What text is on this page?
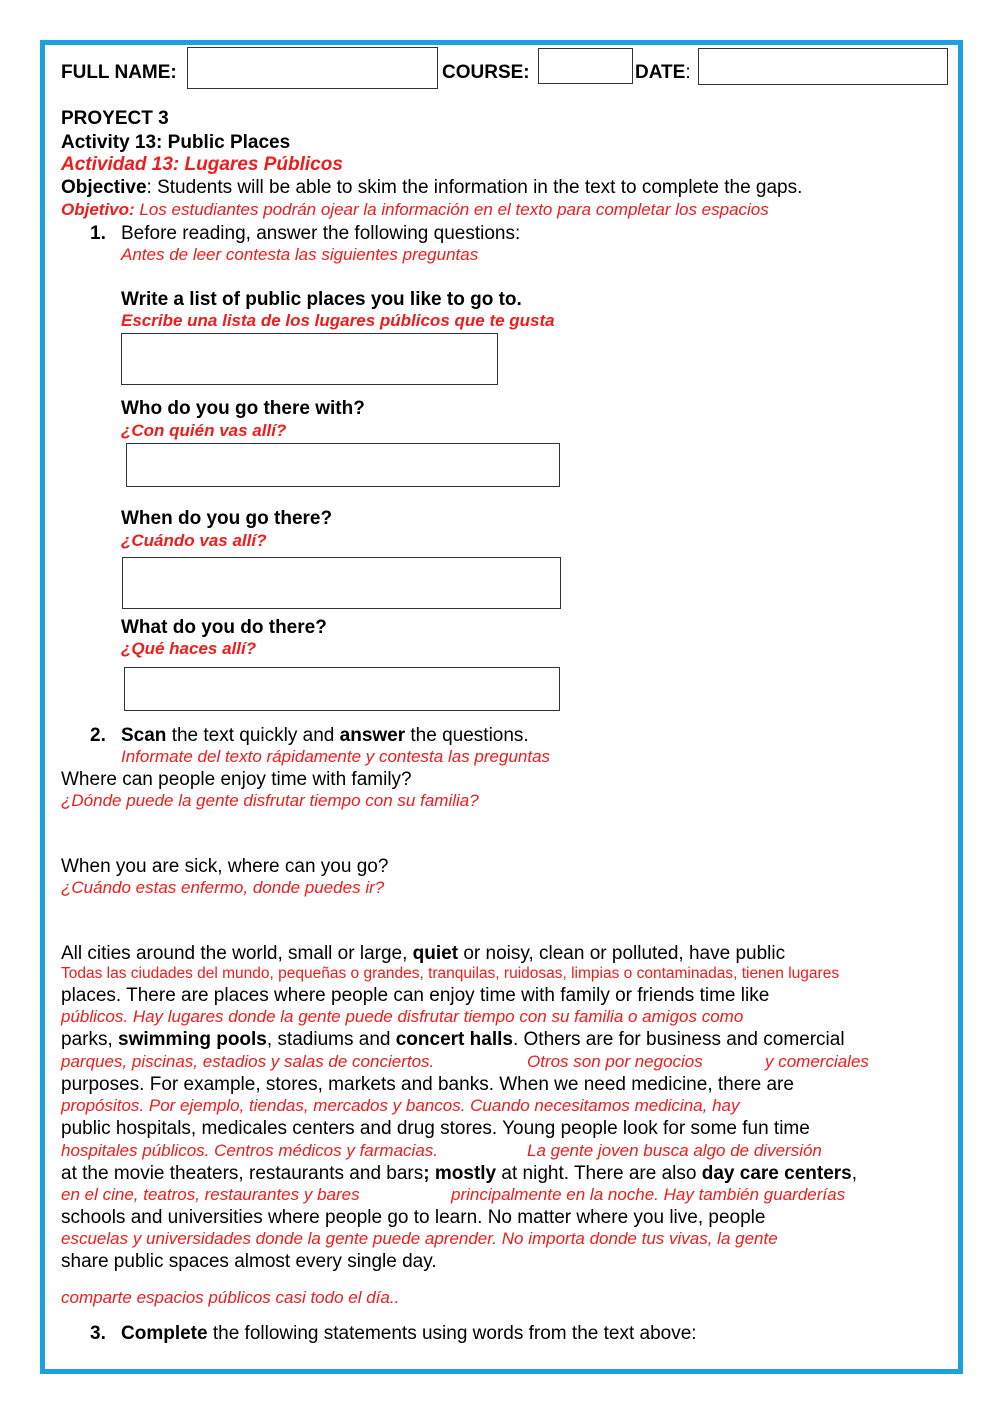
FULL NAME:	COURSE:	DATE:
PROYECT 3
Activity 13: Public Places
Actividad 13: Lugares Públicos
Objective: Students will be able to skim the information in the text to complete the gaps.
Objetivo: Los estudiantes podrán ojear la información en el texto para completar los espacios
1. Before reading, answer the following questions:
Antes de leer contesta las siguientes preguntas
Write a list of public places you like to go to.
Escribe una lista de los lugares públicos que te gusta
Who do you go there with?
¿Con quién vas allí?
When do you go there?
¿Cuándo vas allí?
What do you do there?
¿Qué haces allí?
2. Scan the text quickly and answer the questions.
Informate del texto rápidamente y contesta las preguntas
Where can people enjoy time with family?
¿Dónde puede la gente disfrutar tiempo con su familia?
When you are sick, where can you go?
¿Cuándo estas enfermo, donde puedes ir?
All cities around the world, small or large, quiet or noisy, clean or polluted, have public
Todas las ciudades del mundo, pequeñas o grandes, tranquilas, ruidosas, limpias o contaminadas, tienen lugares
places. There are places where people can enjoy time with family or friends time like
públicos. Hay lugares donde la gente puede disfrutar tiempo con su familia o amigos como
parks, swimming pools, stadiums and concert halls. Others are for business and comercial
parques, piscinas, estadios y salas de conciertos.	Otros son por negocios	y comerciales
purposes. For example, stores, markets and banks. When we need medicine, there are
propósitos. Por ejemplo, tiendas, mercados y bancos. Cuando necesitamos medicina, hay
public hospitals, medicales centers and drug stores. Young people look for some fun time
hospitales públicos. Centros médicos y farmacias.	La gente joven busca algo de diversión
at the movie theaters, restaurants and bars; mostly at night. There are also day care centers,
en el cine, teatros, restaurantes y bares	principalmente en la noche. Hay también guarderías
schools and universities where people go to learn. No matter where you live, people
escuelas y universidades donde la gente puede aprender. No importa donde tus vivas, la gente
share public spaces almost every single day.
comparte espacios públicos casi todo el día..
3. Complete the following statements using words from the text above:
